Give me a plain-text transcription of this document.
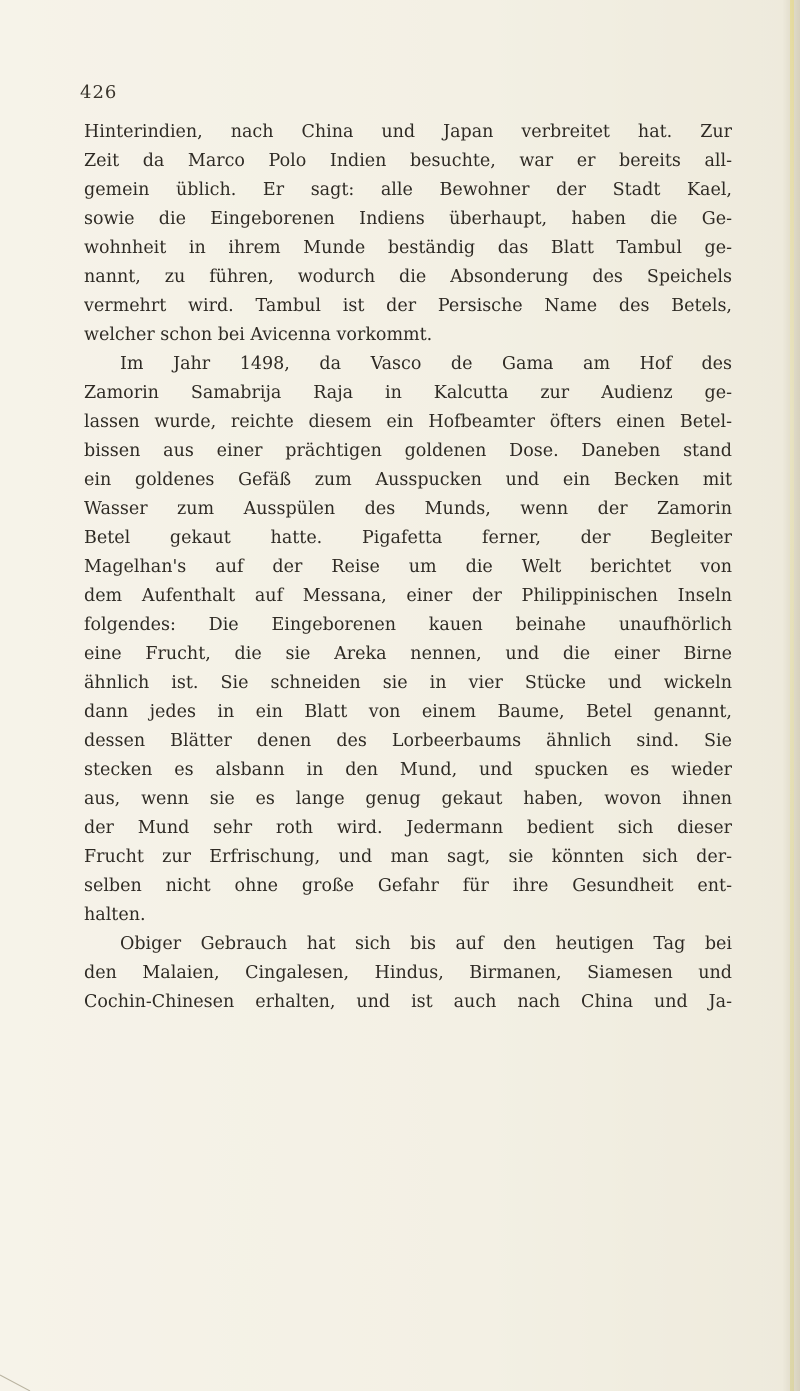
426
Hinterindien, nach China und Japan verbreitet hat. Zur
Zeit da Marco Polo Indien besuchte, war er bereits all-
gemein üblich. Er sagt: alle Bewohner der Stadt Kael,
sowie die Eingeborenen Indiens überhaupt, haben die Ge-
wohnheit in ihrem Munde beständig das Blatt Tambul ge-
nannt, zu führen, wodurch die Absonderung des Speichels
vermehrt wird. Tambul ist der Persische Name des Betels,
welcher schon bei Avicenna vorkommt.
Im Jahr 1498, da Vasco de Gama am Hof des
Zamorin Samabrija Raja in Kalcutta zur Audienz ge-
lassen wurde, reichte diesem ein Hofbeamter öfters einen Betel-
bissen aus einer prächtigen goldenen Dose. Daneben stand
ein goldenes Gefäß zum Ausspucken und ein Becken mit
Wasser zum Ausspülen des Munds, wenn der Zamorin
Betel gekaut hatte. Pigafetta ferner, der Begleiter
Magelhan's auf der Reise um die Welt berichtet von
dem Aufenthalt auf Messana, einer der Philippinischen Inseln
folgendes: Die Eingeborenen kauen beinahe unaufhörlich
eine Frucht, die sie Areka nennen, und die einer Birne
ähnlich ist. Sie schneiden sie in vier Stücke und wickeln
dann jedes in ein Blatt von einem Baume, Betel genannt,
dessen Blätter denen des Lorbeerbaums ähnlich sind. Sie
stecken es alsbann in den Mund, und spucken es wieder
aus, wenn sie es lange genug gekaut haben, wovon ihnen
der Mund sehr roth wird. Jedermann bedient sich dieser
Frucht zur Erfrischung, und man sagt, sie könnten sich der-
selben nicht ohne große Gefahr für ihre Gesundheit ent-
halten.
Obiger Gebrauch hat sich bis auf den heutigen Tag bei
den Malaien, Cingalesen, Hindus, Birmanen, Siamesen und
Cochin-Chinesen erhalten, und ist auch nach China und Ja-
